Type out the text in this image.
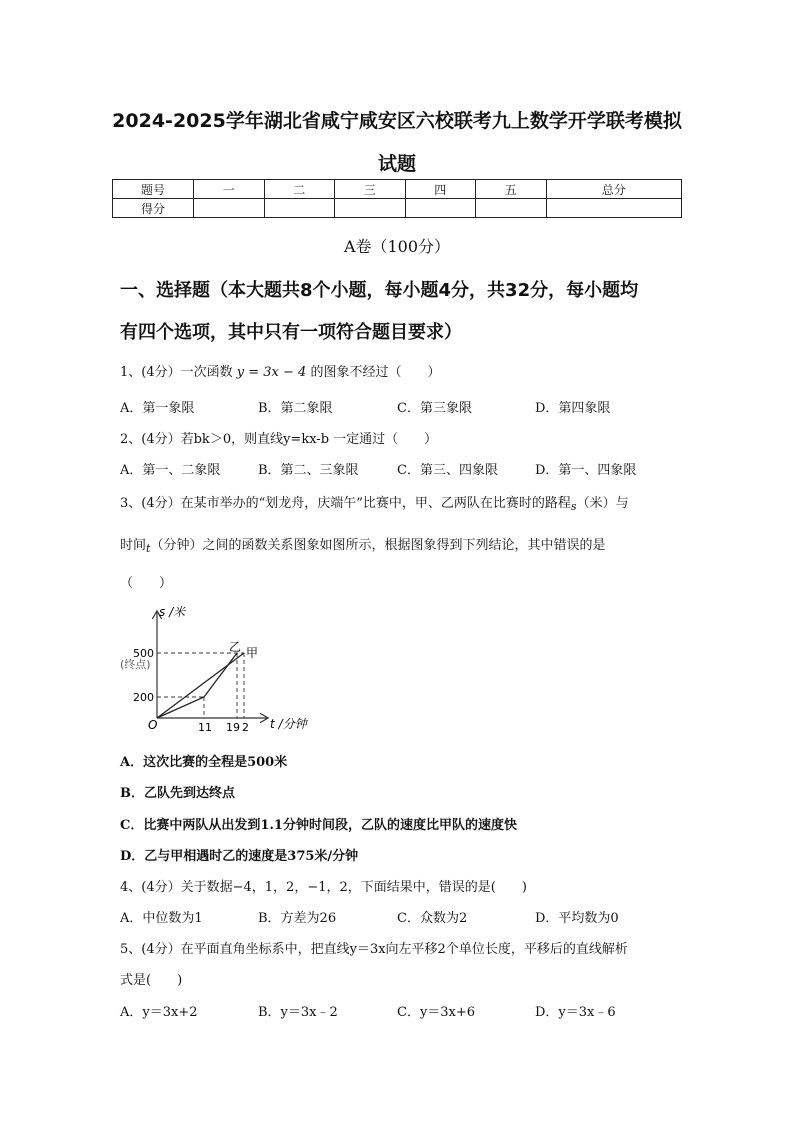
2024-2025学年湖北省咸宁咸安区六校联考九上数学开学联考模拟
试题
题号	一	二	三	四	五	总分
得分						
A卷（100分）
一、选择题（本大题共8个小题，每小题4分，共32分，每小题均
有四个选项，其中只有一项符合题目要求）
1、(4分）一次函数 y = 3x − 4 的图象不经过（　　）
A．第一象限	B．第二象限	C．第三象限	D．第四象限
2、(4分）若bk＞0，则直线y=kx-b 一定通过（　　）
A．第一、二象限	B．第二、三象限	C．第三、四象限	D．第一、四象限
3、(4分）在某市举办的“划龙舟，庆端午”比赛中，甲、乙两队在比赛时的路程$_s$（米）与
时间$_t$（分钟）之间的函数关系图象如图所示，根据图象得到下列结论，其中错误的是
（　　）
s /米
t /分钟
O
500
(终点)
200
11 19 2
乙 甲
A．这次比赛的全程是500米
B．乙队先到达终点
C．比赛中两队从出发到1.1分钟时间段，乙队的速度比甲队的速度快
D．乙与甲相遇时乙的速度是375米/分钟
4、(4分）关于数据−4，1，2，−1，2，下面结果中，错误的是(　　)
A．中位数为1	B．方差为26	C．众数为2	D．平均数为0
5、(4分）在平面直角坐标系中，把直线y＝3x向左平移2个单位长度，平移后的直线解析
式是(　　)
A．y＝3x+2	B．y＝3x﹣2	C．y＝3x+6	D．y＝3x﹣6
